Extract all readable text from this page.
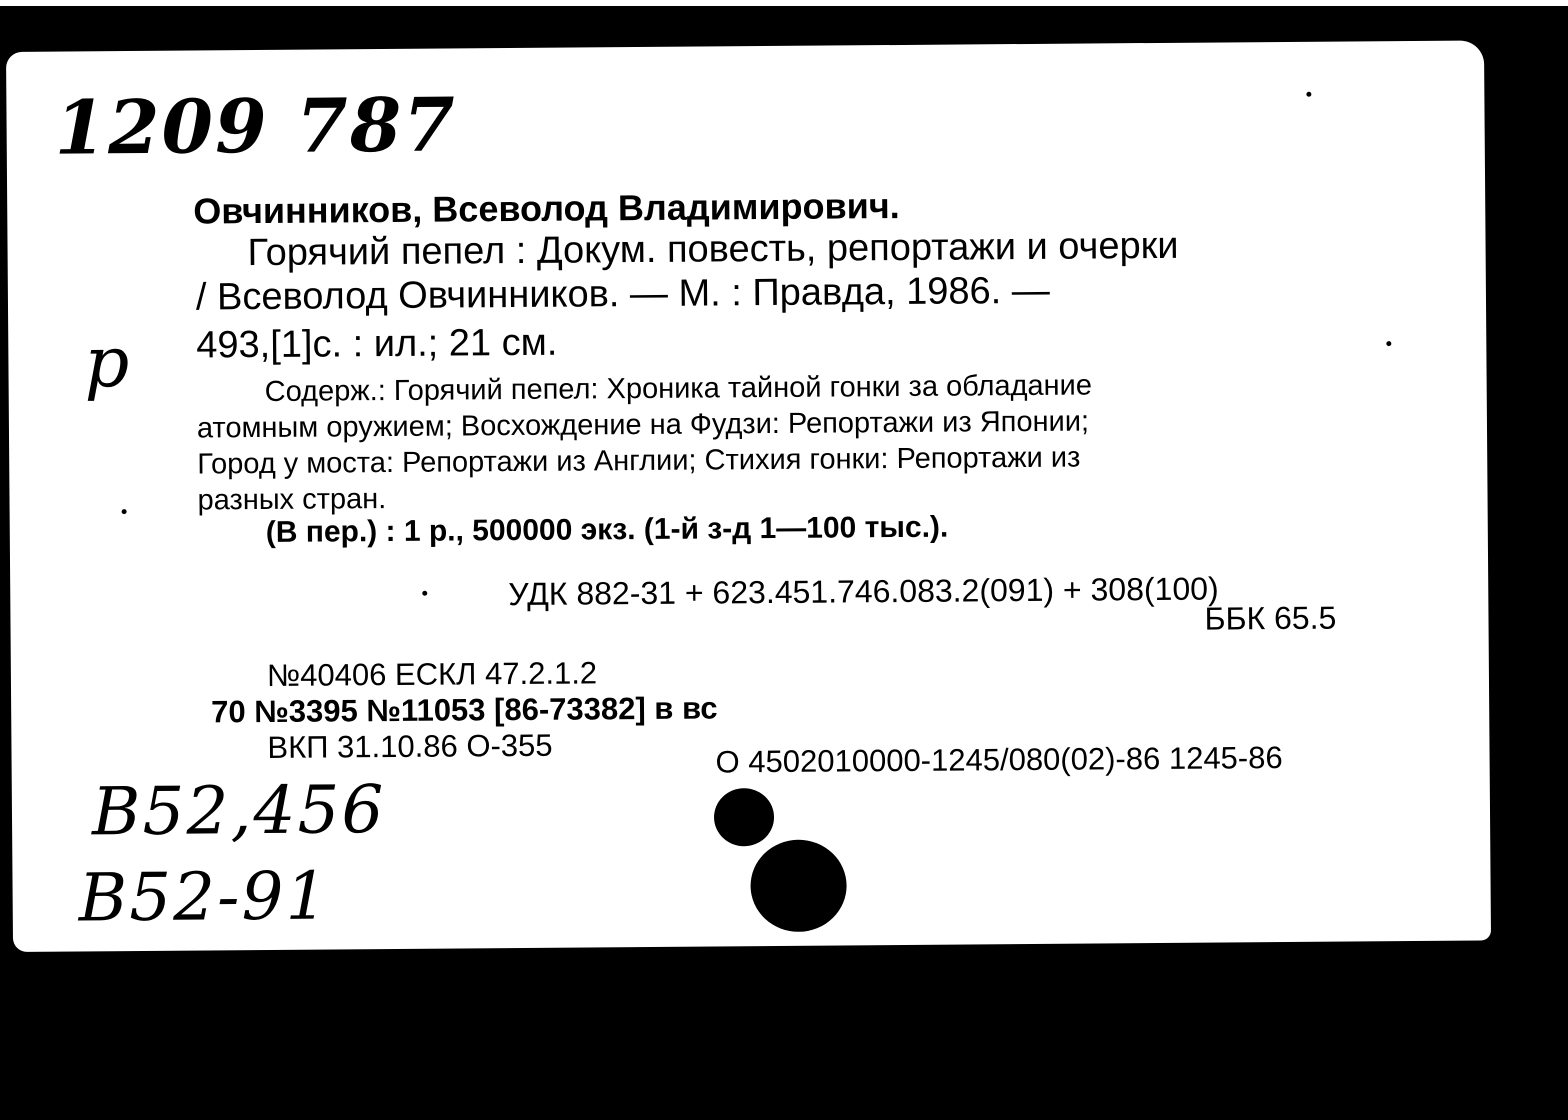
1209 787
р
Овчинников, Всеволод Владимирович.
Горячий пепел : Докум. повесть, репортажи и очерки
/ Всеволод Овчинников. — М. : Правда, 1986. —
493,[1]с. : ил.; 21 см.
Содерж.: Горячий пепел: Хроника тайной гонки за обладание
атомным оружием; Восхождение на Фудзи: Репортажи из Японии;
Город у моста: Репортажи из Англии; Стихия гонки: Репортажи из
разных стран.
(В пер.) : 1 р., 500000 экз. (1-й з-д 1—100 тыс.).
УДК 882-31 + 623.451.746.083.2(091) + 308(100)
ББК 65.5
№40406 ЕСКЛ 47.2.1.2
70 №3395 №11053 [86-73382] в вс
ВКП 31.10.86 О-355	О 4502010000-1245/080(02)-86 1245-86
B52,456
B52-91
